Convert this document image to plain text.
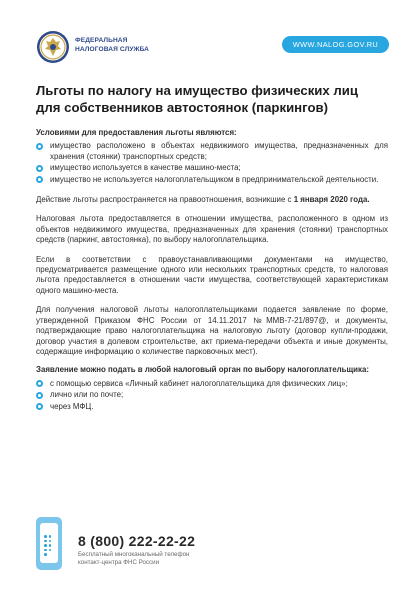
ФЕДЕРАЛЬНАЯ
НАЛОГОВАЯ СЛУЖБА
WWW.NALOG.GOV.RU
Льготы по налогу на имущество физических лиц
для собственников автостоянок (паркингов)

Условиями для предоставления льготы являются:

имущество расположено в объектах недвижимого имущества, предназначенных для хранения (стоянки) транспортных средств;
имущество используется в качестве машино-места;
имущество не используется налогоплательщиком в предпринимательской деятельности.

Действие льготы распространяется на правоотношения, возникшие с 1 января 2020 года.

Налоговая льгота предоставляется в отношении имущества, расположенного в одном из объектов недвижимого имущества, предназначенных для хранения (стоянки) транспортных средств (паркинг, автостоянка), по выбору налогоплательщика.

Если в соответствии с правоустанавливающими документами на имущество, предусматривается размещение одного или нескольких транспортных средств, то налоговая льгота предоставляется в отношении части имущества, соответствующей характеристикам одного машино-места.

Для получения налоговой льготы налогоплательщиками подается заявление по форме, утвержденной Приказом ФНС России от 14.11.2017 №ММВ-7-21/897@, и документы, подтверждающие право налогоплательщика на налоговую льготу (договор купли-продажи, договор участия в долевом строительстве, акт приема-передачи объекта и иные документы, содержащие информацию о количестве парковочных мест).

Заявление можно подать в любой налоговый орган по выбору налогоплательщика:

с помощью сервиса «Личный кабинет налогоплательщика для физических лиц»;
лично или по почте;
через МФЦ.
8 (800) 222-22-22
Бесплатный многоканальный телефон
контакт-центра ФНС России
